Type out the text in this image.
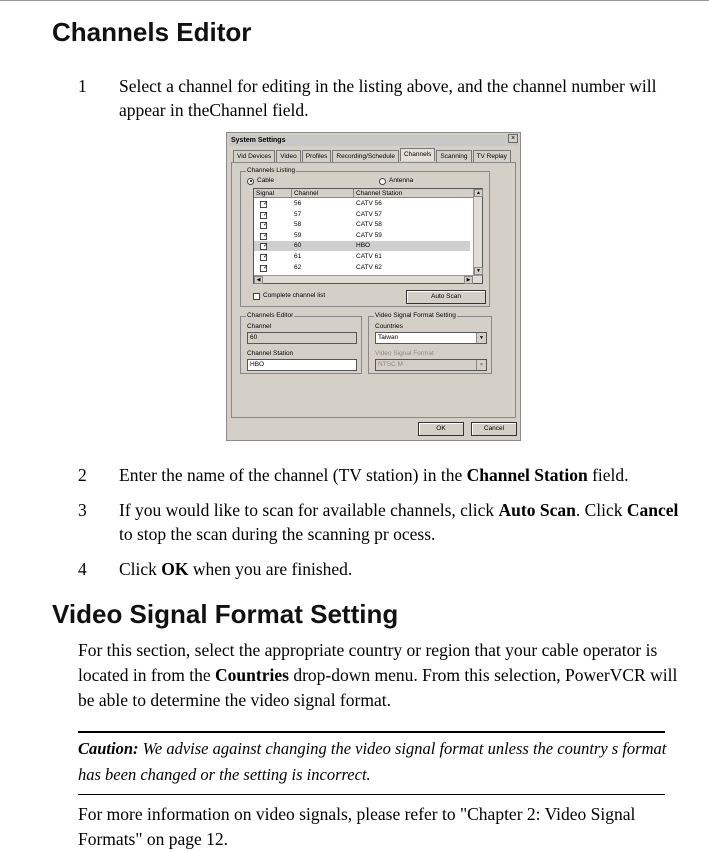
Channels Editor
1 Select a channel for editing in the listing above, and the channel number will appear in theChannel field.
System Settings	×
Vid Devices	Video	Profiles	Recording/Schedule	Channels	Scanning	TV Replay
Channels Listing
Cable	Antenna
Signal	Channel	Channel Station
✓	56	CATV 56
✓	57	CATV 57
✓	58	CATV 58
✓	59	CATV 59
✓	60	HBO
✓	61	CATV 61
✓	62	CATV 62
▲
▼
◀	▶
Complete channel list	Auto Scan
Channels Editor
Channel
60
Channel Station
HBO
Video Signal Format Setting
Countries
Taiwan	▼
Video Signal Format
NTSC M	▼
OK	Cancel
2 Enter the name of the channel (TV station) in the Channel Station field.
3 If you would like to scan for available channels, click Auto Scan. Click Cancel to stop the scan during the scanning pr ocess.
4 Click OK when you are finished.
Video Signal Format Setting
For this section, select the appropriate country or region that your cable operator is located in from the Countries drop-down menu. From this selection, PowerVCR will be able to determine the video signal format.
Caution: We advise against changing the video signal format unless the country s format has been changed or the setting is incorrect.
For more information on video signals, please refer to "Chapter 2: Video Signal Formats" on page 12.
